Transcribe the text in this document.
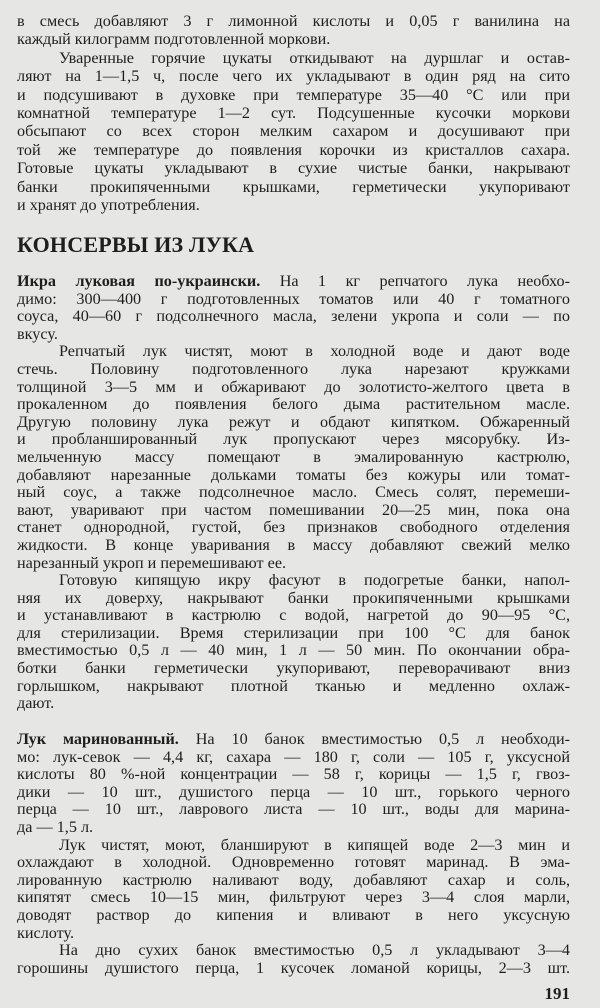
в смесь добавляют 3 г лимонной кислоты и 0,05 г ванилина на
каждый килограмм подготовленной моркови.
Уваренные горячие цукаты откидывают на дуршлаг и остав-
ляют на 1—1,5 ч, после чего их укладывают в один ряд на сито
и подсушивают в духовке при температуре 35—40 °С или при
комнатной температуре 1—2 сут. Подсушенные кусочки моркови
обсыпают со всех сторон мелким сахаром и досушивают при
той же температуре до появления корочки из кристаллов сахара.
Готовые цукаты укладывают в сухие чистые банки, накрывают
банки прокипяченными крышками, герметически укупоривают
и хранят до употребления.
КОНСЕРВЫ ИЗ ЛУКА
Икра луковая по-украински. На 1 кг репчатого лука необхо-
димо: 300—400 г подготовленных томатов или 40 г томатного
соуса, 40—60 г подсолнечного масла, зелени укропа и соли — по
вкусу.
Репчатый лук чистят, моют в холодной воде и дают воде
стечь. Половину подготовленного лука нарезают кружками
толщиной 3—5 мм и обжаривают до золотисто-желтого цвета в
прокаленном до появления белого дыма растительном масле.
Другую половину лука режут и обдают кипятком. Обжаренный
и пробланшированный лук пропускают через мясорубку. Из-
мельченную массу помещают в эмалированную кастрюлю,
добавляют нарезанные дольками томаты без кожуры или томат-
ный соус, а также подсолнечное масло. Смесь солят, перемеши-
вают, уваривают при частом помешивании 20—25 мин, пока она
станет однородной, густой, без признаков свободного отделения
жидкости. В конце уваривания в массу добавляют свежий мелко
нарезанный укроп и перемешивают ее.
Готовую кипящую икру фасуют в подогретые банки, напол-
няя их доверху, накрывают банки прокипяченными крышками
и устанавливают в кастрюлю с водой, нагретой до 90—95 °С,
для стерилизации. Время стерилизации при 100 °С для банок
вместимостью 0,5 л — 40 мин, 1 л — 50 мин. По окончании обра-
ботки банки герметически укупоривают, переворачивают вниз
горлышком, накрывают плотной тканью и медленно охлаж-
дают.
Лук маринованный. На 10 банок вместимостью 0,5 л необходи-
мо: лук-севок — 4,4 кг, сахара — 180 г, соли — 105 г, уксусной
кислоты 80 %-ной концентрации — 58 г, корицы — 1,5 г, гвоз-
дики — 10 шт., душистого перца — 10 шт., горького черного
перца — 10 шт., лаврового листа — 10 шт., воды для марина-
да — 1,5 л.
Лук чистят, моют, бланшируют в кипящей воде 2—3 мин и
охлаждают в холодной. Одновременно готовят маринад. В эма-
лированную кастрюлю наливают воду, добавляют сахар и соль,
кипятят смесь 10—15 мин, фильтруют через 3—4 слоя марли,
доводят раствор до кипения и вливают в него уксусную
кислоту.
На дно сухих банок вместимостью 0,5 л укладывают 3—4
горошины душистого перца, 1 кусочек ломаной корицы, 2—3 шт.
191
